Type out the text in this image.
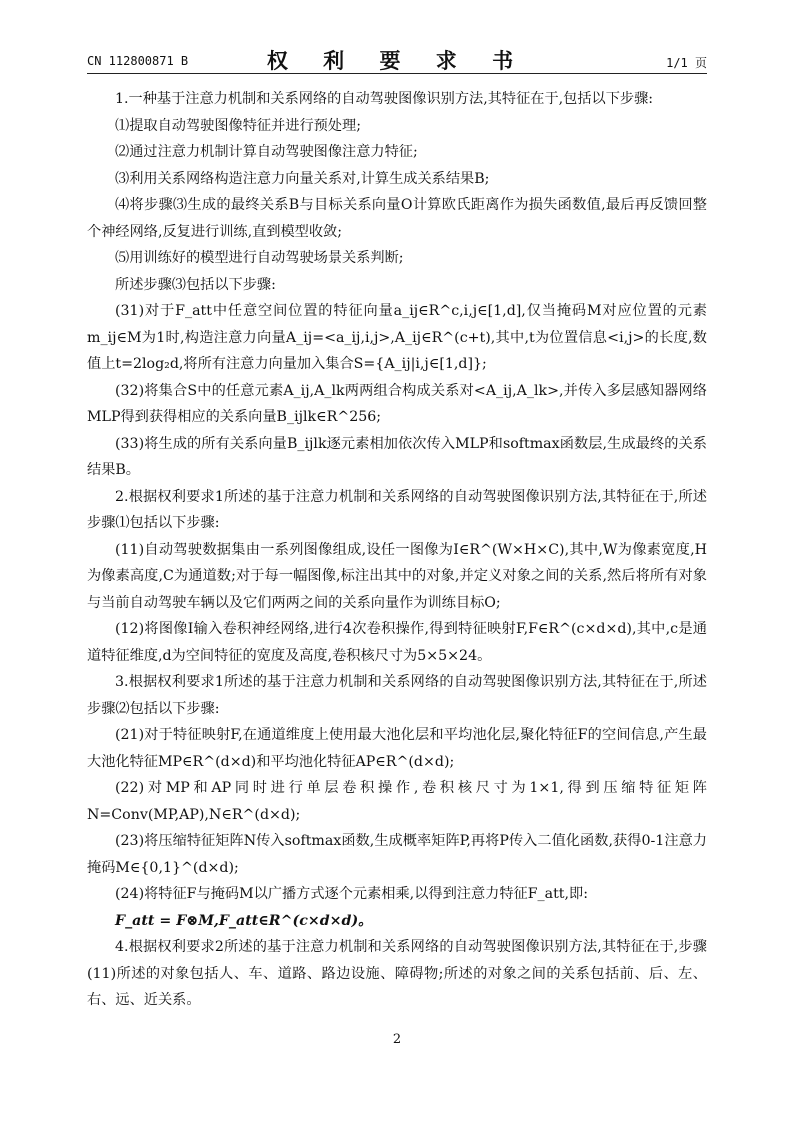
CN 112800871 B	权 利 要 求 书	1/1 页

1.一种基于注意力机制和关系网络的自动驾驶图像识别方法,其特征在于,包括以下步骤:

⑴提取自动驾驶图像特征并进行预处理;

⑵通过注意力机制计算自动驾驶图像注意力特征;

⑶利用关系网络构造注意力向量关系对,计算生成关系结果B;

⑷将步骤⑶生成的最终关系B与目标关系向量O计算欧氏距离作为损失函数值,最后再反馈回整个神经网络,反复进行训练,直到模型收敛;

⑸用训练好的模型进行自动驾驶场景关系判断;

所述步骤⑶包括以下步骤:

(31)对于F_att中任意空间位置的特征向量a_ij∈R^c,i,j∈[1,d],仅当掩码M对应位置的元素m_ij∈M为1时,构造注意力向量A_ij=<a_ij,i,j>,A_ij∈R^(c+t),其中,t为位置信息<i,j>的长度,数值上t=2log₂d,将所有注意力向量加入集合S={A_ij|i,j∈[1,d]};

(32)将集合S中的任意元素A_ij,A_lk两两组合构成关系对<A_ij,A_lk>,并传入多层感知器网络MLP得到获得相应的关系向量B_ijlk∈R^256;

(33)将生成的所有关系向量B_ijlk逐元素相加依次传入MLP和softmax函数层,生成最终的关系结果B。

2.根据权利要求1所述的基于注意力机制和关系网络的自动驾驶图像识别方法,其特征在于,所述步骤⑴包括以下步骤:

(11)自动驾驶数据集由一系列图像组成,设任一图像为I∈R^(W×H×C),其中,W为像素宽度,H为像素高度,C为通道数;对于每一幅图像,标注出其中的对象,并定义对象之间的关系,然后将所有对象与当前自动驾驶车辆以及它们两两之间的关系向量作为训练目标O;

(12)将图像I输入卷积神经网络,进行4次卷积操作,得到特征映射F,F∈R^(c×d×d),其中,c是通道特征维度,d为空间特征的宽度及高度,卷积核尺寸为5×5×24。

3.根据权利要求1所述的基于注意力机制和关系网络的自动驾驶图像识别方法,其特征在于,所述步骤⑵包括以下步骤:

(21)对于特征映射F,在通道维度上使用最大池化层和平均池化层,聚化特征F的空间信息,产生最大池化特征MP∈R^(d×d)和平均池化特征AP∈R^(d×d);

(22)对MP和AP同时进行单层卷积操作,卷积核尺寸为1×1,得到压缩特征矩阵N=Conv(MP,AP),N∈R^(d×d);

(23)将压缩特征矩阵N传入softmax函数,生成概率矩阵P,再将P传入二值化函数,获得0-1注意力掩码M∈{0,1}^(d×d);

(24)将特征F与掩码M以广播方式逐个元素相乘,以得到注意力特征F_att,即:

F_att = F⊗M,F_att∈R^(c×d×d)。

4.根据权利要求2所述的基于注意力机制和关系网络的自动驾驶图像识别方法,其特征在于,步骤(11)所述的对象包括人、车、道路、路边设施、障碍物;所述的对象之间的关系包括前、后、左、右、远、近关系。

2
